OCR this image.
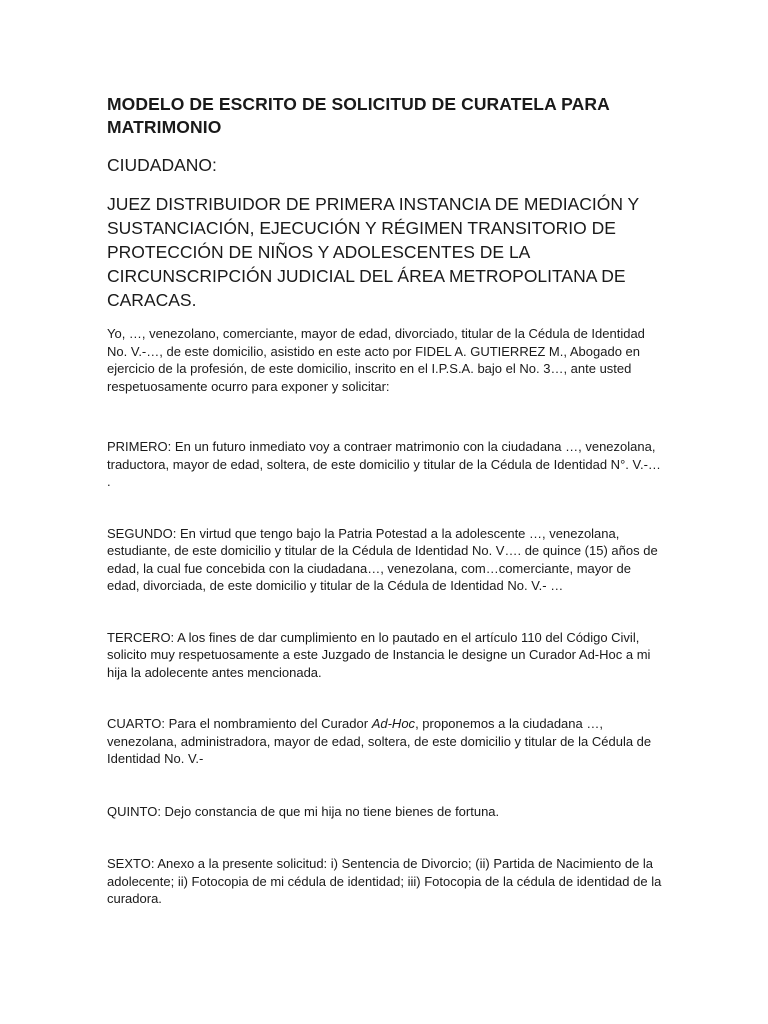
MODELO DE ESCRITO DE SOLICITUD DE CURATELA PARA MATRIMONIO

CIUDADANO:

JUEZ DISTRIBUIDOR DE PRIMERA INSTANCIA DE MEDIACIÓN Y SUSTANCIACIÓN, EJECUCIÓN Y RÉGIMEN TRANSITORIO DE PROTECCIÓN DE NIÑOS Y ADOLESCENTES DE LA CIRCUNSCRIPCIÓN JUDICIAL DEL ÁREA METROPOLITANA DE CARACAS.

Yo, …, venezolano, comerciante, mayor de edad, divorciado, titular de la Cédula de Identidad No. V.-…, de este domicilio, asistido en este acto por FIDEL A. GUTIERREZ M., Abogado en ejercicio de la profesión, de este domicilio, inscrito en el I.P.S.A. bajo el No. 3…, ante usted respetuosamente ocurro para exponer y solicitar:

PRIMERO: En un futuro inmediato voy a contraer matrimonio con la ciudadana …, venezolana, traductora, mayor de edad, soltera, de este domicilio y titular de la Cédula de Identidad N°. V.-… .

SEGUNDO: En virtud que tengo bajo la Patria Potestad a la adolescente …, venezolana, estudiante, de este domicilio y titular de la Cédula de Identidad No. V…. de quince (15) años de edad, la cual fue concebida con la ciudadana…, venezolana, com…comerciante, mayor de edad, divorciada, de este domicilio y titular de la Cédula de Identidad No. V.- …

TERCERO: A los fines de dar cumplimiento en lo pautado en el artículo 110 del Código Civil, solicito muy respetuosamente a este Juzgado de Instancia le designe un Curador Ad-Hoc a mi hija la adolecente antes mencionada.

CUARTO: Para el nombramiento del Curador Ad-Hoc, proponemos a la ciudadana …, venezolana, administradora, mayor de edad, soltera, de este domicilio y titular de la Cédula de Identidad No. V.-

QUINTO: Dejo constancia de que mi hija no tiene bienes de fortuna.

SEXTO: Anexo a la presente solicitud: i) Sentencia de Divorcio; (ii) Partida de Nacimiento de la adolecente; ii) Fotocopia de mi cédula de identidad; iii) Fotocopia de la cédula de identidad de la curadora.
